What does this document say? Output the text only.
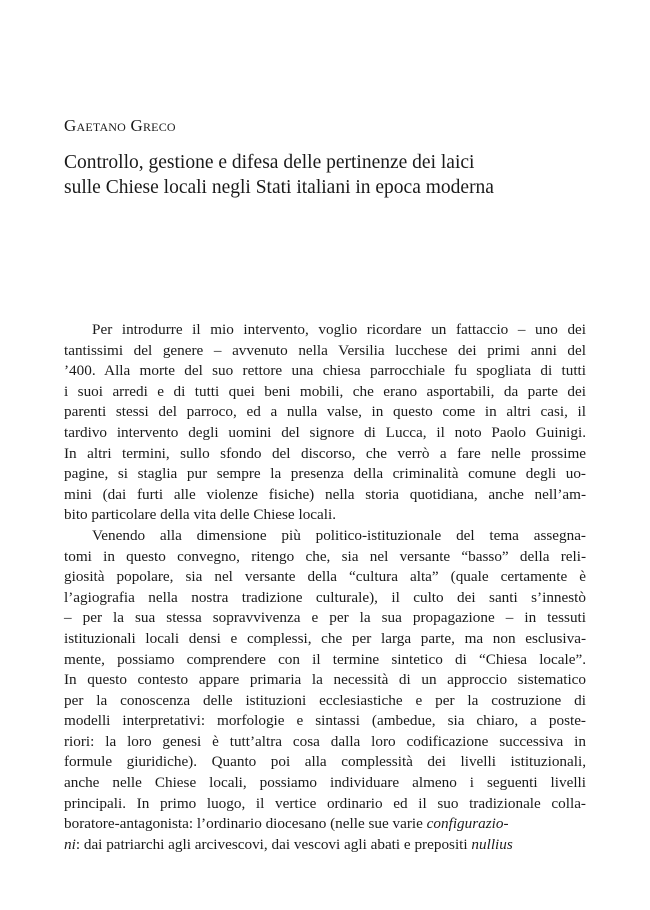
Gaetano Greco
Controllo, gestione e difesa delle pertinenze dei laici
sulle Chiese locali negli Stati italiani in epoca moderna
Per introdurre il mio intervento, voglio ricordare un fattaccio – uno dei
tantissimi del genere – avvenuto nella Versilia lucchese dei primi anni del
’400. Alla morte del suo rettore una chiesa parrocchiale fu spogliata di tutti
i suoi arredi e di tutti quei beni mobili, che erano asportabili, da parte dei
parenti stessi del parroco, ed a nulla valse, in questo come in altri casi, il
tardivo intervento degli uomini del signore di Lucca, il noto Paolo Guinigi.
In altri termini, sullo sfondo del discorso, che verrò a fare nelle prossime
pagine, si staglia pur sempre la presenza della criminalità comune degli uo-
mini (dai furti alle violenze fisiche) nella storia quotidiana, anche nell’am-
bito particolare della vita delle Chiese locali.
Venendo alla dimensione più politico-istituzionale del tema assegna-
tomi in questo convegno, ritengo che, sia nel versante “basso” della reli-
giosità popolare, sia nel versante della “cultura alta” (quale certamente è
l’agiografia nella nostra tradizione culturale), il culto dei santi s’innestò
– per la sua stessa sopravvivenza e per la sua propagazione – in tessuti
istituzionali locali densi e complessi, che per larga parte, ma non esclusiva-
mente, possiamo comprendere con il termine sintetico di “Chiesa locale”.
In questo contesto appare primaria la necessità di un approccio sistematico
per la conoscenza delle istituzioni ecclesiastiche e per la costruzione di
modelli interpretativi: morfologie e sintassi (ambedue, sia chiaro, a poste-
riori: la loro genesi è tutt’altra cosa dalla loro codificazione successiva in
formule giuridiche). Quanto poi alla complessità dei livelli istituzionali,
anche nelle Chiese locali, possiamo individuare almeno i seguenti livelli
principali. In primo luogo, il vertice ordinario ed il suo tradizionale colla-
boratore-antagonista: l’ordinario diocesano (nelle sue varie configurazio-
ni: dai patriarchi agli arcivescovi, dai vescovi agli abati e prepositi nullius
